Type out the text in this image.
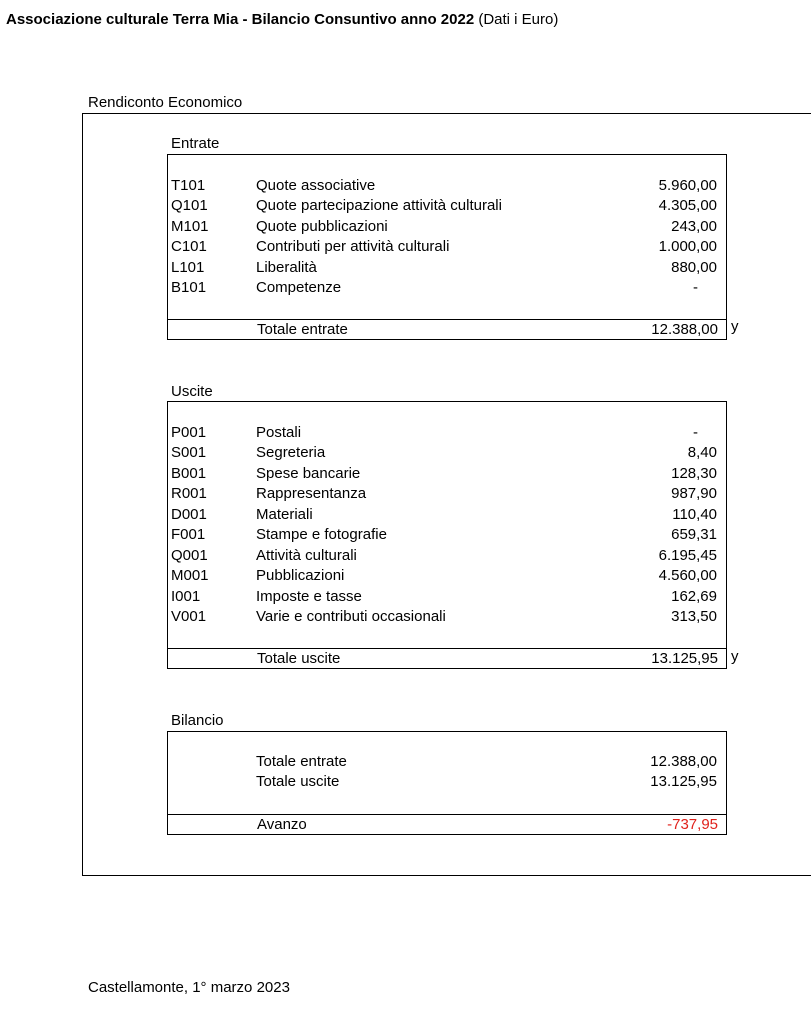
Associazione culturale Terra Mia - Bilancio Consuntivo anno 2022 (Dati i Euro)
Rendiconto Economico
Entrate
T101	Quote associative	5.960,00
Q101	Quote partecipazione attività culturali	4.305,00
M101	Quote pubblicazioni	243,00
C101	Contributi per attività culturali	1.000,00
L101	Liberalità	880,00
B101	Competenze	-
Totale entrate	12.388,00 y
Uscite
P001	Postali	-
S001	Segreteria	8,40
B001	Spese bancarie	128,30
R001	Rappresentanza	987,90
D001	Materiali	110,40
F001	Stampe e fotografie	659,31
Q001	Attività culturali	6.195,45
M001	Pubblicazioni	4.560,00
I001	Imposte e tasse	162,69
V001	Varie e contributi occasionali	313,50
Totale uscite	13.125,95 y
Bilancio
Totale entrate	12.388,00
Totale uscite	13.125,95
Avanzo	-737,95
Castellamonte, 1° marzo 2023
